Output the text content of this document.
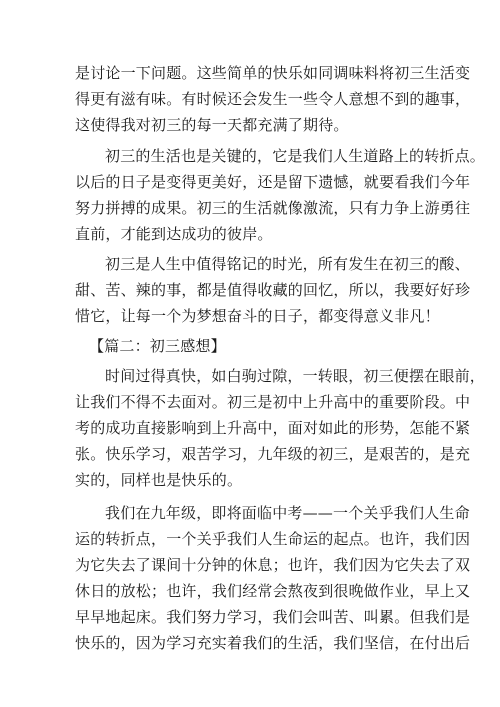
是讨论一下问题。这些简单的快乐如同调味料将初三生活变
得更有滋有味。有时候还会发生一些令人意想不到的趣事，
这使得我对初三的每一天都充满了期待。
初三的生活也是关键的，它是我们人生道路上的转折点。
以后的日子是变得更美好，还是留下遗憾，就要看我们今年
努力拼搏的成果。初三的生活就像激流，只有力争上游勇往
直前，才能到达成功的彼岸。
初三是人生中值得铭记的时光，所有发生在初三的酸、
甜、苦、辣的事，都是值得收藏的回忆，所以，我要好好珍
惜它，让每一个为梦想奋斗的日子，都变得意义非凡！
【篇二：初三感想】
时间过得真快，如白驹过隙，一转眼，初三便摆在眼前，
让我们不得不去面对。初三是初中上升高中的重要阶段。中
考的成功直接影响到上升高中，面对如此的形势，怎能不紧
张。快乐学习，艰苦学习，九年级的初三，是艰苦的，是充
实的，同样也是快乐的。
我们在九年级，即将面临中考——一个关乎我们人生命
运的转折点，一个关乎我们人生命运的起点。也许，我们因
为它失去了课间十分钟的休息；也许，我们因为它失去了双
休日的放松；也许，我们经常会熬夜到很晚做作业，早上又
早早地起床。我们努力学习，我们会叫苦、叫累。但我们是
快乐的，因为学习充实着我们的生活，我们坚信，在付出后
